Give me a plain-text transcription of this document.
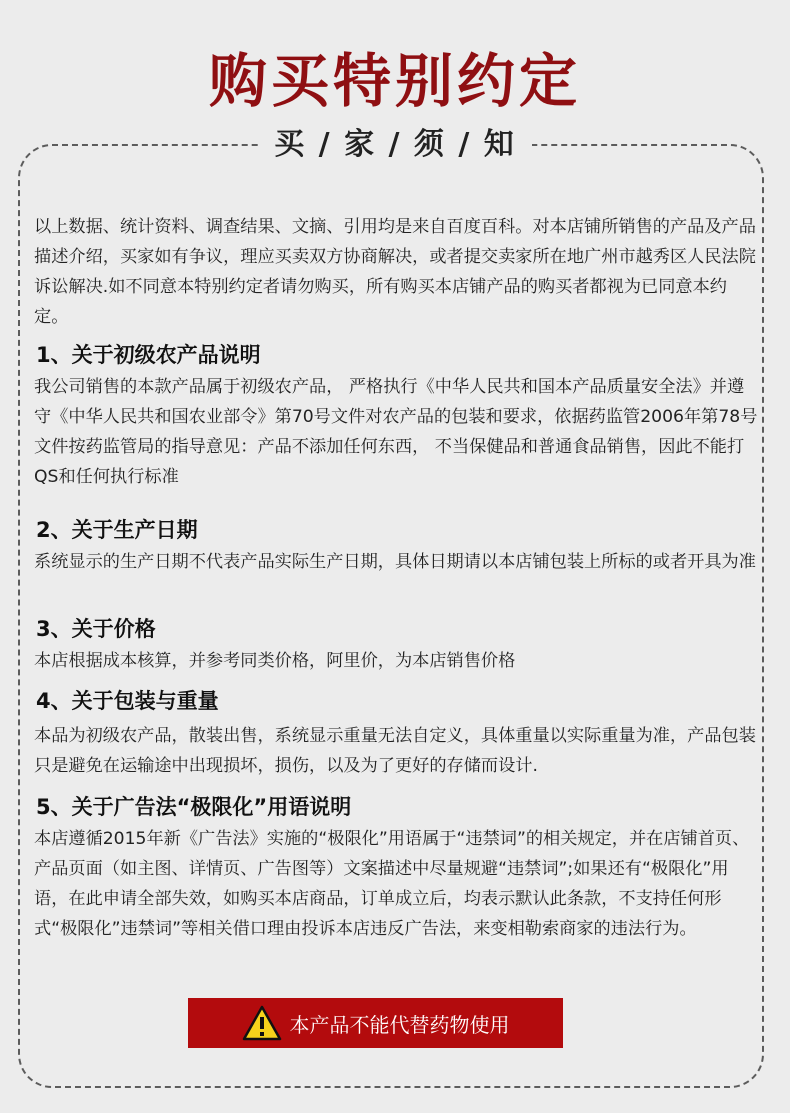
购买特别约定
买 / 家 / 须 / 知
以上数据、统计资料、调查结果、文摘、引用均是来自百度百科。对本店铺所销售的产品及产品描述介绍，买家如有争议，理应买卖双方协商解决，或者提交卖家所在地广州市越秀区人民法院诉讼解决.如不同意本特别约定者请勿购买，所有购买本店铺产品的购买者都视为已同意本约定。
1、关于初级农产品说明
我公司销售的本款产品属于初级农产品， 严格执行《中华人民共和国本产品质量安全法》并遵守《中华人民共和国农业部令》第70号文件对农产品的包装和要求，依据药监管2006年第78号文件按药监管局的指导意见：产品不添加任何东西， 不当保健品和普通食品销售，因此不能打QS和任何执行标准
2、关于生产日期
系统显示的生产日期不代表产品实际生产日期，具体日期请以本店铺包装上所标的或者开具为准
3、关于价格
本店根据成本核算，并参考同类价格，阿里价，为本店销售价格
4、关于包装与重量
本品为初级农产品，散装出售，系统显示重量无法自定义，具体重量以实际重量为准，产品包装只是避免在运输途中出现损坏，损伤，以及为了更好的存储而设计.
5、关于广告法“极限化”用语说明
本店遵循2015年新《广告法》实施的“极限化”用语属于“违禁词”的相关规定，并在店铺首页、产品页面（如主图、详情页、广告图等）文案描述中尽量规避“违禁词”;如果还有“极限化”用语，在此申请全部失效，如购买本店商品，订单成立后，均表示默认此条款，不支持任何形式“极限化”违禁词”等相关借口理由投诉本店违反广告法，来变相勒索商家的违法行为。
本产品不能代替药物使用
